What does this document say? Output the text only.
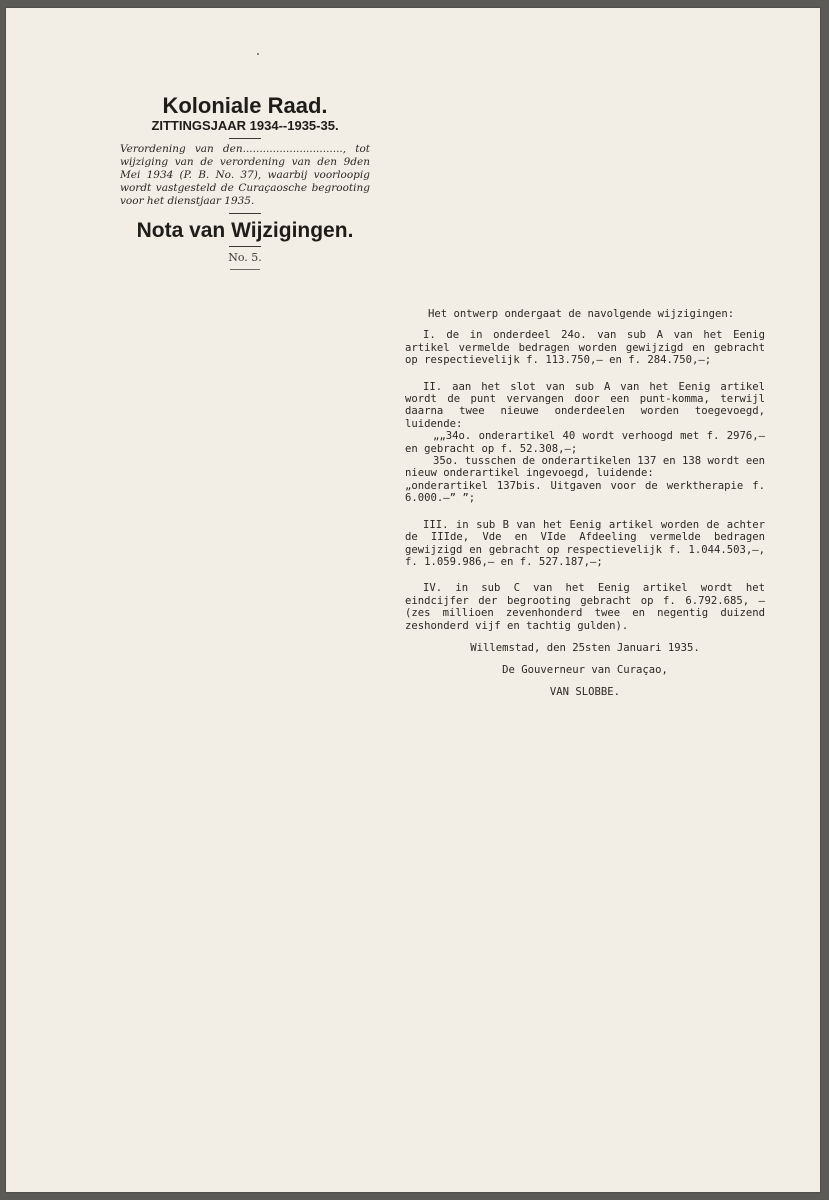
Koloniale Raad.

ZITTINGSJAAR 1934--1935-35.

Verordening van den.............................., tot wijziging van de verordening van den 9den Mei 1934 (P. B. No. 37), waarbij voorloopig wordt vastgesteld de Curaçaosche begrooting voor het dienstjaar 1935.

Nota van Wijzigingen.

No. 5.

Het ontwerp ondergaat de navolgende wijzigingen:

I. de in onderdeel 24o. van sub A van het Eenig artikel vermelde bedragen worden gewijzigd en gebracht op respectievelijk f. 113.750,— en f. 284.750,—;

II. aan het slot van sub A van het Eenig artikel wordt de punt vervangen door een punt-komma, terwijl daarna twee nieuwe onderdeelen worden toegevoegd, luidende:

„„34o. onderartikel 40 wordt verhoogd met f. 2976,— en gebracht op f. 52.308,—;

35o. tusschen de onderartikelen 137 en 138 wordt een nieuw onderartikel ingevoegd, luidende:

„onderartikel 137bis. Uitgaven voor de werktherapie f. 6.000.—” ”;

III. in sub B van het Eenig artikel worden de achter de IIIde, Vde en VIde Afdeeling vermelde bedragen gewijzigd en gebracht op respectievelijk f. 1.044.503,—, f. 1.059.986,— en f. 527.187,—;

IV. in sub C van het Eenig artikel wordt het eindcijfer der begrooting gebracht op f. 6.792.685, – (zes millioen zevenhonderd twee en negentig duizend zeshonderd vijf en tachtig gulden).

Willemstad, den 25sten Januari 1935.

De Gouverneur van Curaçao,

VAN SLOBBE.
